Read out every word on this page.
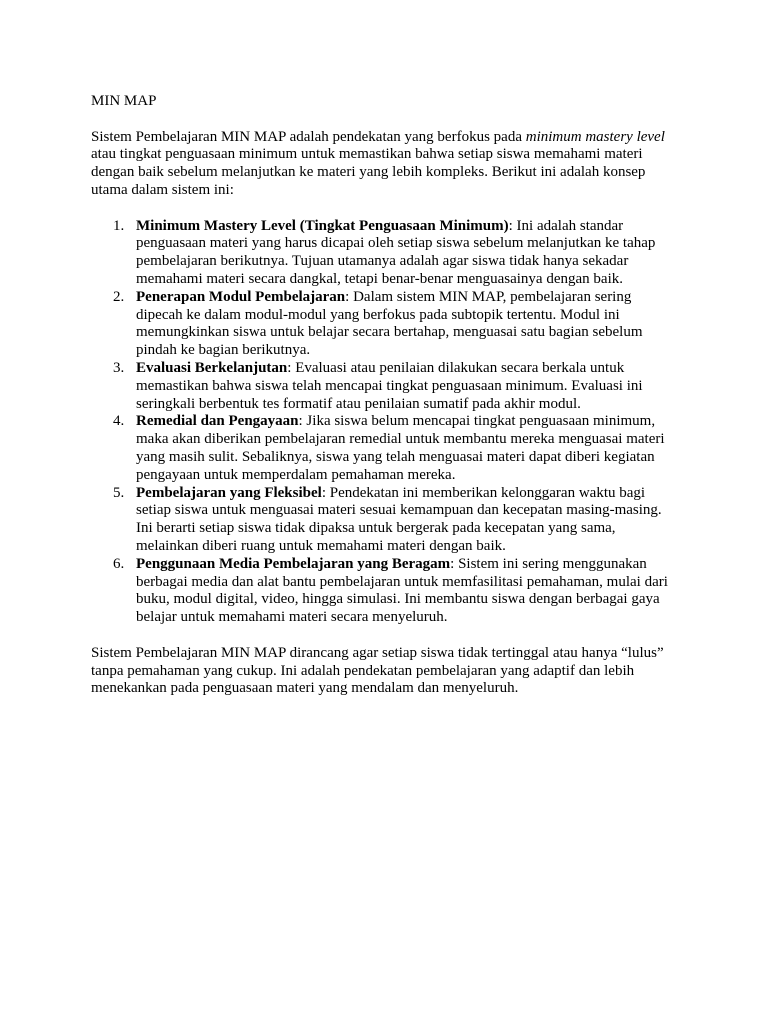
MIN MAP
Sistem Pembelajaran MIN MAP adalah pendekatan yang berfokus pada minimum mastery level
atau tingkat penguasaan minimum untuk memastikan bahwa setiap siswa memahami materi
dengan baik sebelum melanjutkan ke materi yang lebih kompleks. Berikut ini adalah konsep
utama dalam sistem ini:
1. Minimum Mastery Level (Tingkat Penguasaan Minimum): Ini adalah standar
penguasaan materi yang harus dicapai oleh setiap siswa sebelum melanjutkan ke tahap
pembelajaran berikutnya. Tujuan utamanya adalah agar siswa tidak hanya sekadar
memahami materi secara dangkal, tetapi benar-benar menguasainya dengan baik.
2. Penerapan Modul Pembelajaran: Dalam sistem MIN MAP, pembelajaran sering
dipecah ke dalam modul-modul yang berfokus pada subtopik tertentu. Modul ini
memungkinkan siswa untuk belajar secara bertahap, menguasai satu bagian sebelum
pindah ke bagian berikutnya.
3. Evaluasi Berkelanjutan: Evaluasi atau penilaian dilakukan secara berkala untuk
memastikan bahwa siswa telah mencapai tingkat penguasaan minimum. Evaluasi ini
seringkali berbentuk tes formatif atau penilaian sumatif pada akhir modul.
4. Remedial dan Pengayaan: Jika siswa belum mencapai tingkat penguasaan minimum,
maka akan diberikan pembelajaran remedial untuk membantu mereka menguasai materi
yang masih sulit. Sebaliknya, siswa yang telah menguasai materi dapat diberi kegiatan
pengayaan untuk memperdalam pemahaman mereka.
5. Pembelajaran yang Fleksibel: Pendekatan ini memberikan kelonggaran waktu bagi
setiap siswa untuk menguasai materi sesuai kemampuan dan kecepatan masing-masing.
Ini berarti setiap siswa tidak dipaksa untuk bergerak pada kecepatan yang sama,
melainkan diberi ruang untuk memahami materi dengan baik.
6. Penggunaan Media Pembelajaran yang Beragam: Sistem ini sering menggunakan
berbagai media dan alat bantu pembelajaran untuk memfasilitasi pemahaman, mulai dari
buku, modul digital, video, hingga simulasi. Ini membantu siswa dengan berbagai gaya
belajar untuk memahami materi secara menyeluruh.
Sistem Pembelajaran MIN MAP dirancang agar setiap siswa tidak tertinggal atau hanya “lulus”
tanpa pemahaman yang cukup. Ini adalah pendekatan pembelajaran yang adaptif dan lebih
menekankan pada penguasaan materi yang mendalam dan menyeluruh.
